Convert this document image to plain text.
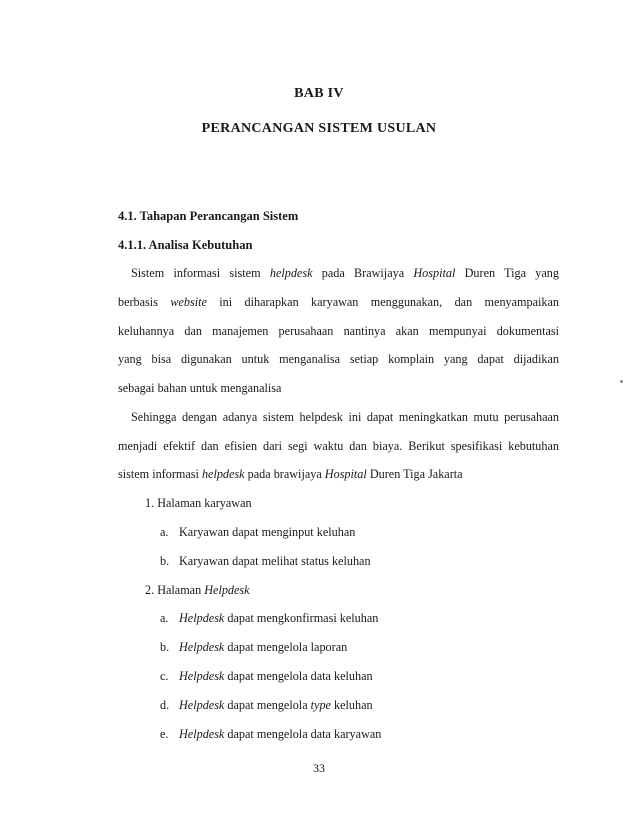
BAB IV
PERANCANGAN SISTEM USULAN
4.1. Tahapan Perancangan Sistem
4.1.1. Analisa Kebutuhan
Sistem informasi sistem helpdesk pada Brawijaya Hospital Duren Tiga yang
berbasis website ini diharapkan karyawan menggunakan, dan menyampaikan
keluhannya dan manajemen perusahaan nantinya akan mempunyai dokumentasi
yang bisa digunakan untuk menganalisa setiap komplain yang dapat dijadikan
sebagai bahan untuk menganalisa
Sehingga dengan adanya sistem helpdesk ini dapat meningkatkan mutu perusahaan
menjadi efektif dan efisien dari segi waktu dan biaya. Berikut spesifikasi kebutuhan
sistem informasi helpdesk pada brawijaya Hospital Duren Tiga Jakarta
1. Halaman karyawan
a. Karyawan dapat menginput keluhan
b. Karyawan dapat melihat status keluhan
2. Halaman Helpdesk
a. Helpdesk dapat mengkonfirmasi keluhan
b. Helpdesk dapat mengelola laporan
c. Helpdesk dapat mengelola data keluhan
d. Helpdesk dapat mengelola type keluhan
e. Helpdesk dapat mengelola data karyawan
33
